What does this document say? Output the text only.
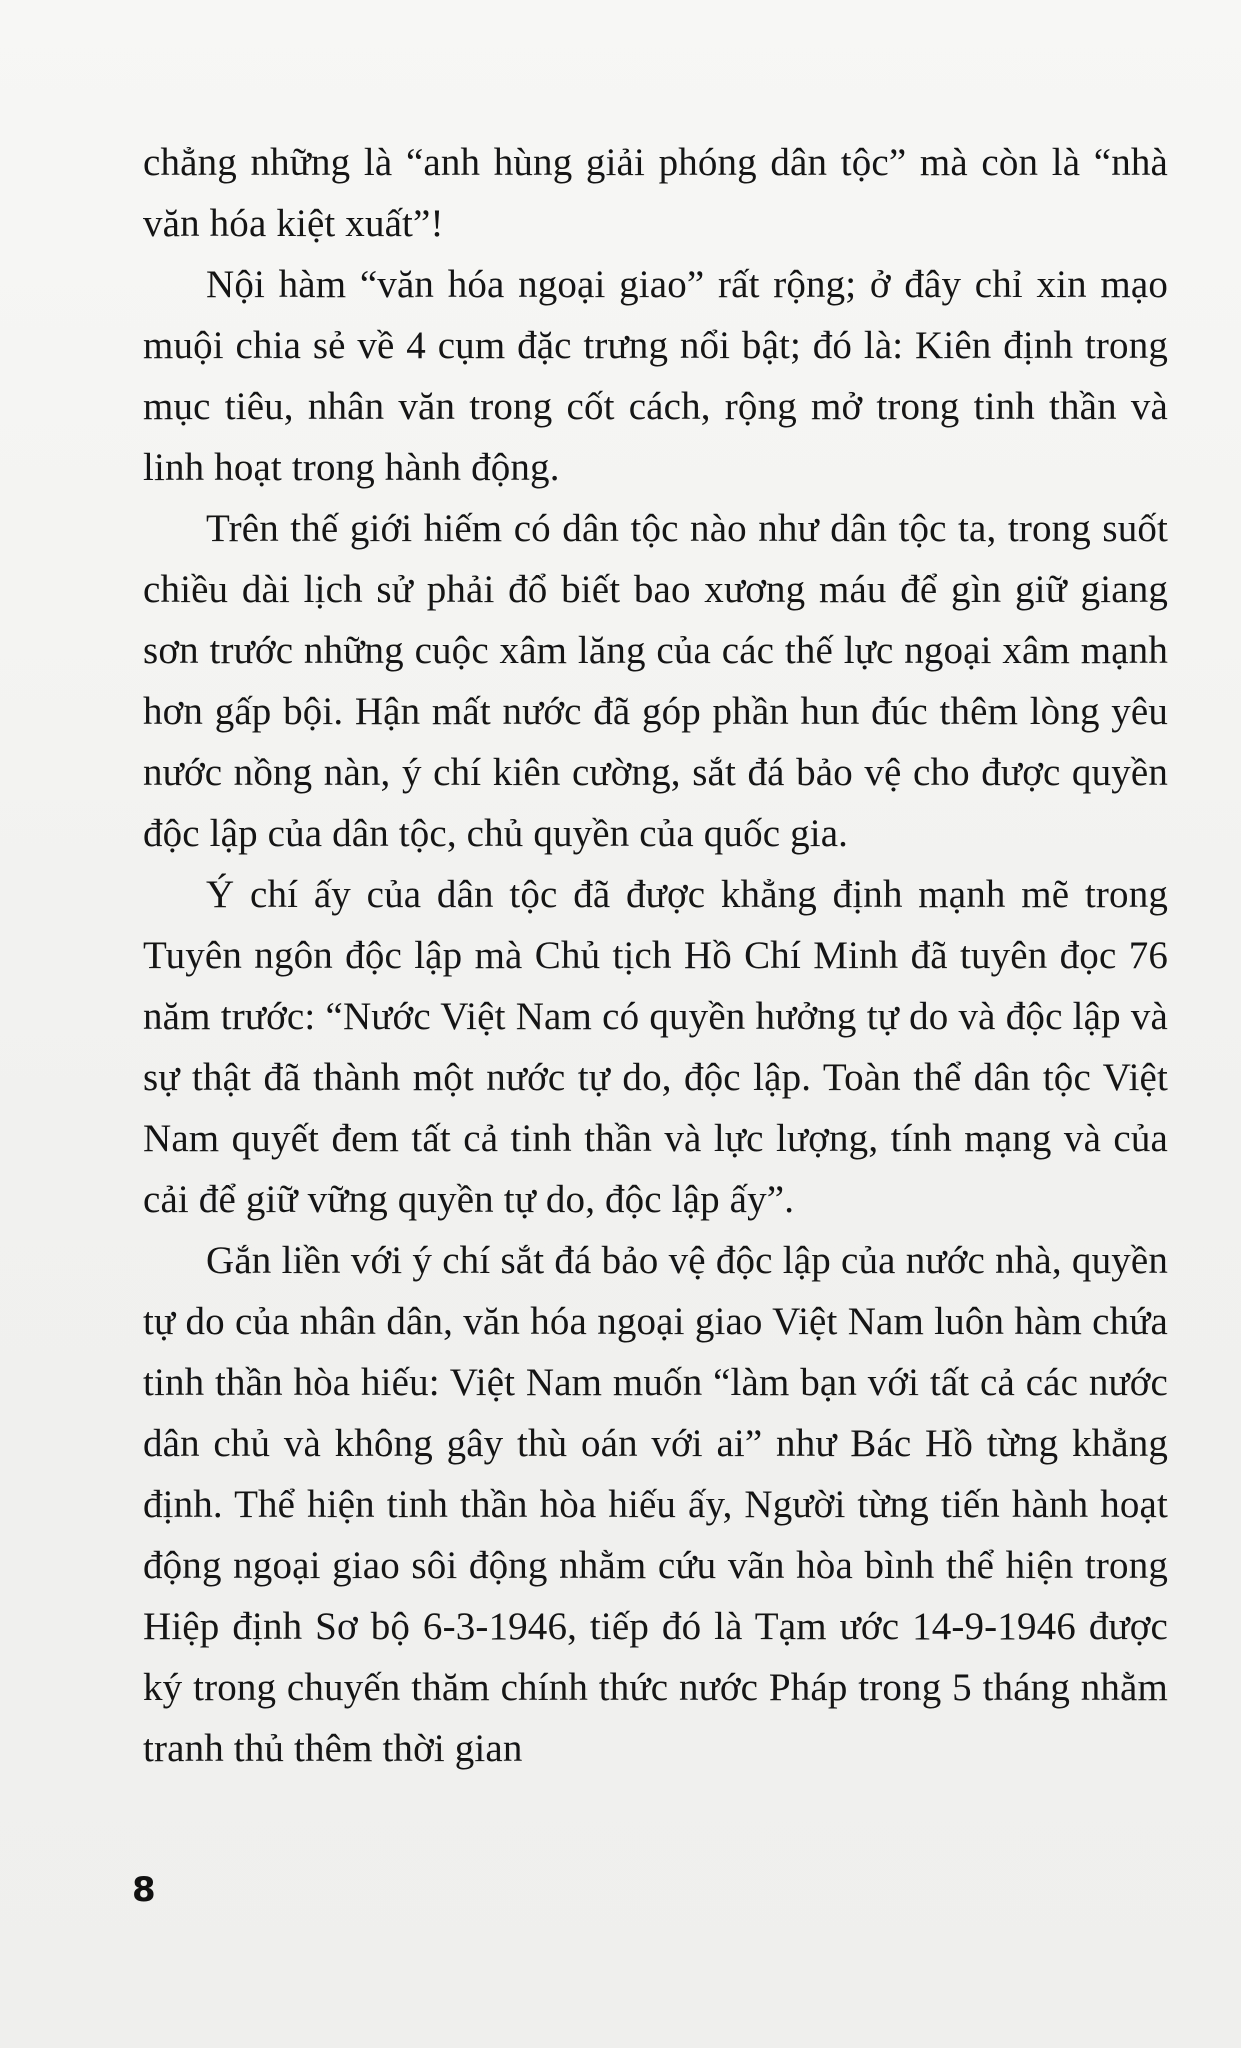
chẳng những là “anh hùng giải phóng dân tộc” mà còn là “nhà văn hóa kiệt xuất”!

Nội hàm “văn hóa ngoại giao” rất rộng; ở đây chỉ xin mạo muội chia sẻ về 4 cụm đặc trưng nổi bật; đó là: Kiên định trong mục tiêu, nhân văn trong cốt cách, rộng mở trong tinh thần và linh hoạt trong hành động.

Trên thế giới hiếm có dân tộc nào như dân tộc ta, trong suốt chiều dài lịch sử phải đổ biết bao xương máu để gìn giữ giang sơn trước những cuộc xâm lăng của các thế lực ngoại xâm mạnh hơn gấp bội. Hận mất nước đã góp phần hun đúc thêm lòng yêu nước nồng nàn, ý chí kiên cường, sắt đá bảo vệ cho được quyền độc lập của dân tộc, chủ quyền của quốc gia.

Ý chí ấy của dân tộc đã được khẳng định mạnh mẽ trong Tuyên ngôn độc lập mà Chủ tịch Hồ Chí Minh đã tuyên đọc 76 năm trước: “Nước Việt Nam có quyền hưởng tự do và độc lập và sự thật đã thành một nước tự do, độc lập. Toàn thể dân tộc Việt Nam quyết đem tất cả tinh thần và lực lượng, tính mạng và của cải để giữ vững quyền tự do, độc lập ấy”.

Gắn liền với ý chí sắt đá bảo vệ độc lập của nước nhà, quyền tự do của nhân dân, văn hóa ngoại giao Việt Nam luôn hàm chứa tinh thần hòa hiếu: Việt Nam muốn “làm bạn với tất cả các nước dân chủ và không gây thù oán với ai” như Bác Hồ từng khẳng định. Thể hiện tinh thần hòa hiếu ấy, Người từng tiến hành hoạt động ngoại giao sôi động nhằm cứu vãn hòa bình thể hiện trong Hiệp định Sơ bộ 6-3-1946, tiếp đó là Tạm ước 14-9-1946 được ký trong chuyến thăm chính thức nước Pháp trong 5 tháng nhằm tranh thủ thêm thời gian

8
